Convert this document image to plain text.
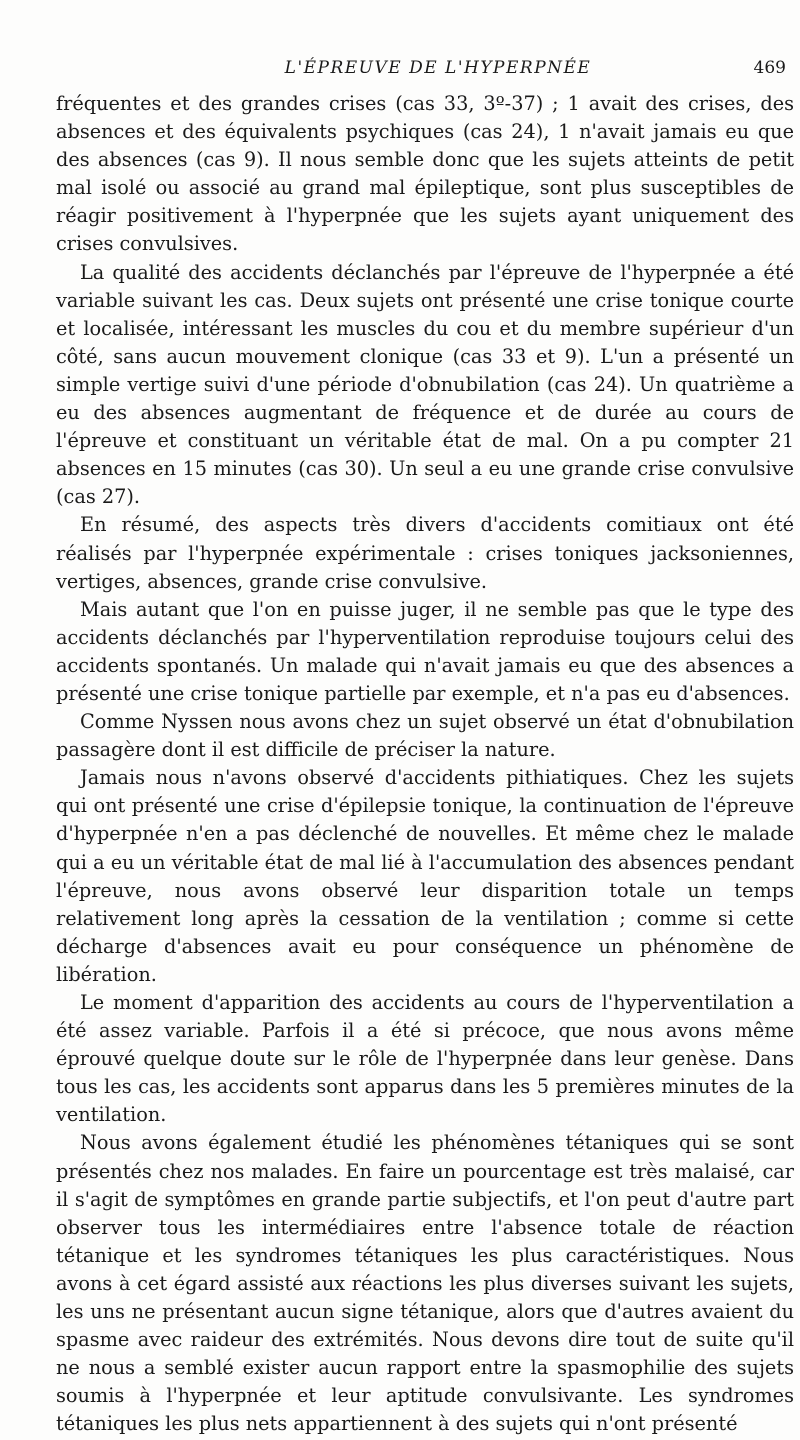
L'ÉPREUVE DE L'HYPERPNÉE	469

fréquentes et des grandes crises (cas 33, 3º-37) ; 1 avait des crises, des absences et des équivalents psychiques (cas 24), 1 n'avait jamais eu que des absences (cas 9). Il nous semble donc que les sujets atteints de petit mal isolé ou associé au grand mal épileptique, sont plus susceptibles de réagir positivement à l'hyperpnée que les sujets ayant uniquement des crises convulsives.

La qualité des accidents déclanchés par l'épreuve de l'hyperpnée a été variable suivant les cas. Deux sujets ont présenté une crise tonique courte et localisée, intéressant les muscles du cou et du membre supérieur d'un côté, sans aucun mouvement clonique (cas 33 et 9). L'un a présenté un simple vertige suivi d'une période d'obnubilation (cas 24). Un quatrième a eu des absences augmentant de fréquence et de durée au cours de l'épreuve et constituant un véritable état de mal. On a pu compter 21 absences en 15 minutes (cas 30). Un seul a eu une grande crise convulsive (cas 27).

En résumé, des aspects très divers d'accidents comitiaux ont été réalisés par l'hyperpnée expérimentale : crises toniques jacksoniennes, vertiges, absences, grande crise convulsive.

Mais autant que l'on en puisse juger, il ne semble pas que le type des accidents déclanchés par l'hyperventilation reproduise toujours celui des accidents spontanés. Un malade qui n'avait jamais eu que des absences a présenté une crise tonique partielle par exemple, et n'a pas eu d'absences.

Comme Nyssen nous avons chez un sujet observé un état d'obnubilation passagère dont il est difficile de préciser la nature.

Jamais nous n'avons observé d'accidents pithiatiques. Chez les sujets qui ont présenté une crise d'épilepsie tonique, la continuation de l'épreuve d'hyperpnée n'en a pas déclenché de nouvelles. Et même chez le malade qui a eu un véritable état de mal lié à l'accumulation des absences pendant l'épreuve, nous avons observé leur disparition totale un temps relativement long après la cessation de la ventilation ; comme si cette décharge d'absences avait eu pour conséquence un phénomène de libération.

Le moment d'apparition des accidents au cours de l'hyperventilation a été assez variable. Parfois il a été si précoce, que nous avons même éprouvé quelque doute sur le rôle de l'hyperpnée dans leur genèse. Dans tous les cas, les accidents sont apparus dans les 5 premières minutes de la ventilation.

Nous avons également étudié les phénomènes tétaniques qui se sont présentés chez nos malades. En faire un pourcentage est très malaisé, car il s'agit de symptômes en grande partie subjectifs, et l'on peut d'autre part observer tous les intermédiaires entre l'absence totale de réaction tétanique et les syndromes tétaniques les plus caractéristiques. Nous avons à cet égard assisté aux réactions les plus diverses suivant les sujets, les uns ne présentant aucun signe tétanique, alors que d'autres avaient du spasme avec raideur des extrémités. Nous devons dire tout de suite qu'il ne nous a semblé exister aucun rapport entre la spasmophilie des sujets soumis à l'hyperpnée et leur aptitude convulsivante. Les syndromes tétaniques les plus nets appartiennent à des sujets qui n'ont présenté
